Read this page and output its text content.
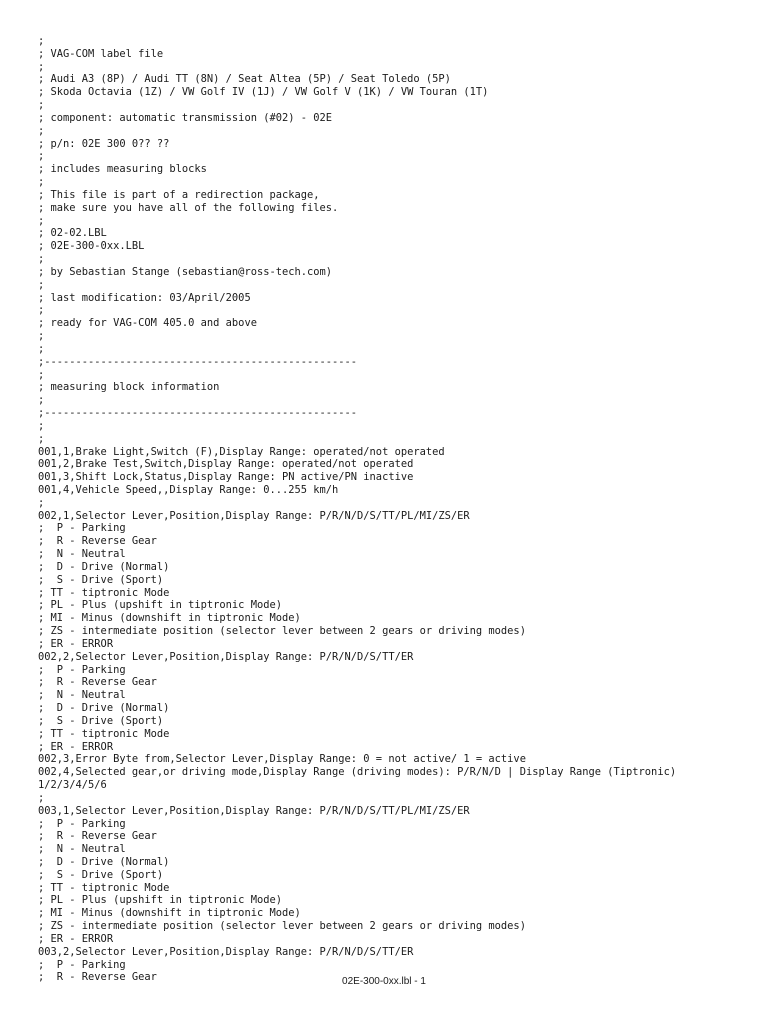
;
; VAG-COM label file
;
; Audi A3 (8P) / Audi TT (8N) / Seat Altea (5P) / Seat Toledo (5P)
; Skoda Octavia (1Z) / VW Golf IV (1J) / VW Golf V (1K) / VW Touran (1T)
;
; component: automatic transmission (#02) - 02E
;
; p/n: 02E 300 0?? ??
;
; includes measuring blocks
;
; This file is part of a redirection package,
; make sure you have all of the following files.
;
; 02-02.LBL
; 02E-300-0xx.LBL
;
; by Sebastian Stange (sebastian@ross-tech.com)
;
; last modification: 03/April/2005
;
; ready for VAG-COM 405.0 and above
;
;
;--------------------------------------------------
;
; measuring block information
;
;--------------------------------------------------
;
;
001,1,Brake Light,Switch (F),Display Range: operated/not operated
001,2,Brake Test,Switch,Display Range: operated/not operated
001,3,Shift Lock,Status,Display Range: PN active/PN inactive
001,4,Vehicle Speed,,Display Range: 0...255 km/h
;
002,1,Selector Lever,Position,Display Range: P/R/N/D/S/TT/PL/MI/ZS/ER
;  P - Parking
;  R - Reverse Gear
;  N - Neutral
;  D - Drive (Normal)
;  S - Drive (Sport)
; TT - tiptronic Mode
; PL - Plus (upshift in tiptronic Mode)
; MI - Minus (downshift in tiptronic Mode)
; ZS - intermediate position (selector lever between 2 gears or driving modes)
; ER - ERROR
002,2,Selector Lever,Position,Display Range: P/R/N/D/S/TT/ER
;  P - Parking
;  R - Reverse Gear
;  N - Neutral
;  D - Drive (Normal)
;  S - Drive (Sport)
; TT - tiptronic Mode
; ER - ERROR
002,3,Error Byte from,Selector Lever,Display Range: 0 = not active/ 1 = active
002,4,Selected gear,or driving mode,Display Range (driving modes): P/R/N/D | Display Range (Tiptronic)
1/2/3/4/5/6
;
003,1,Selector Lever,Position,Display Range: P/R/N/D/S/TT/PL/MI/ZS/ER
;  P - Parking
;  R - Reverse Gear
;  N - Neutral
;  D - Drive (Normal)
;  S - Drive (Sport)
; TT - tiptronic Mode
; PL - Plus (upshift in tiptronic Mode)
; MI - Minus (downshift in tiptronic Mode)
; ZS - intermediate position (selector lever between 2 gears or driving modes)
; ER - ERROR
003,2,Selector Lever,Position,Display Range: P/R/N/D/S/TT/ER
;  P - Parking
;  R - Reverse Gear	02E-300-0xx.lbl - 1
